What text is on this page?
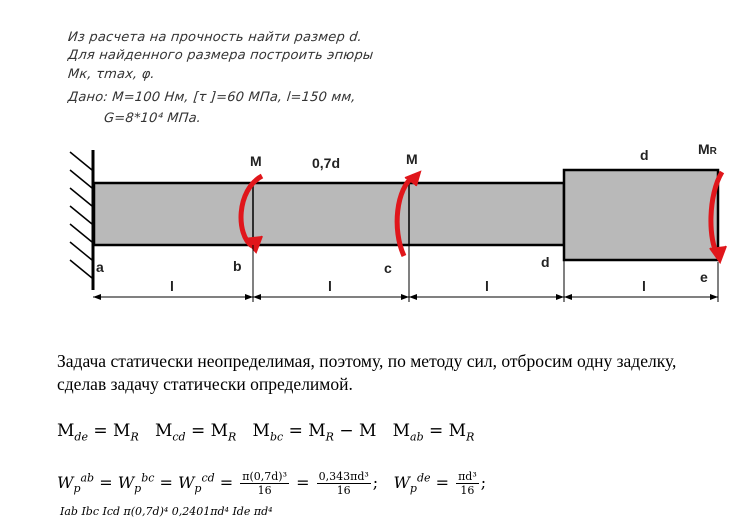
Из расчета на прочность найти размер d.
Для найденного размера построить эпюры
Mк, τmax, φ.
Дано: M=100 Нм, [τ ]=60 МПа, l=150 мм,
G=8*10⁴ МПа.
M	0,7d	M	d	MR
a	b	c	d
e
l	l	l	l
Задача статически неопределимая, поэтому, по методу сил, отбросим одну заделку, сделав задачу статически определимой.
$M_{de} = M_R$   $M_{cd} = M_R$   $M_{bc} = M_R - M$   $M_{ab} = M_R$
$W_p^{ab} = W_p^{bc} = W_p^{cd} = \frac{\text{π(0,7d)³}}{16} = \frac{\text{0,343πd³}}{16}$ ; $W_p^{de} = \frac{\text{πd³}}{16}$ ;
Iab Ibc Icd π(0,7d)⁴ 0,2401πd⁴ Ide πd⁴
